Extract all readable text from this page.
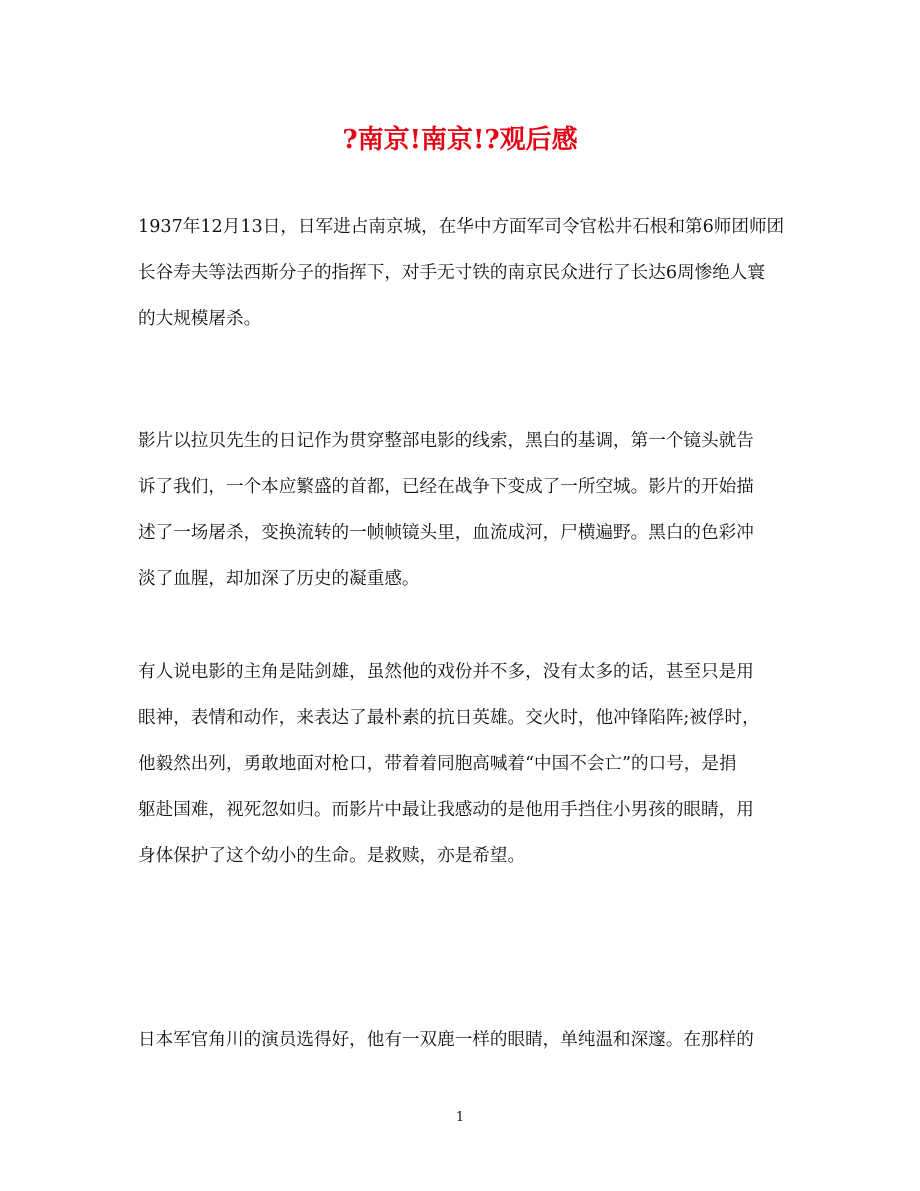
?南京!南京!?观后感
1937年12月13日，日军进占南京城，在华中方面军司令官松井石根和第6师团师团
长谷寿夫等法西斯分子的指挥下，对手无寸铁的南京民众进行了长达6周惨绝人寰
的大规模屠杀。
影片以拉贝先生的日记作为贯穿整部电影的线索，黑白的基调，第一个镜头就告
诉了我们，一个本应繁盛的首都，已经在战争下变成了一所空城。影片的开始描
述了一场屠杀，变换流转的一帧帧镜头里，血流成河，尸横遍野。黑白的色彩冲
淡了血腥，却加深了历史的凝重感。
有人说电影的主角是陆剑雄，虽然他的戏份并不多，没有太多的话，甚至只是用
眼神，表情和动作，来表达了最朴素的抗日英雄。交火时，他冲锋陷阵;被俘时，
他毅然出列，勇敢地面对枪口，带着着同胞高喊着“中国不会亡”的口号，是捐
躯赴国难，视死忽如归。而影片中最让我感动的是他用手挡住小男孩的眼睛，用
身体保护了这个幼小的生命。是救赎，亦是希望。
日本军官角川的演员选得好，他有一双鹿一样的眼睛，单纯温和深邃。在那样的
1
